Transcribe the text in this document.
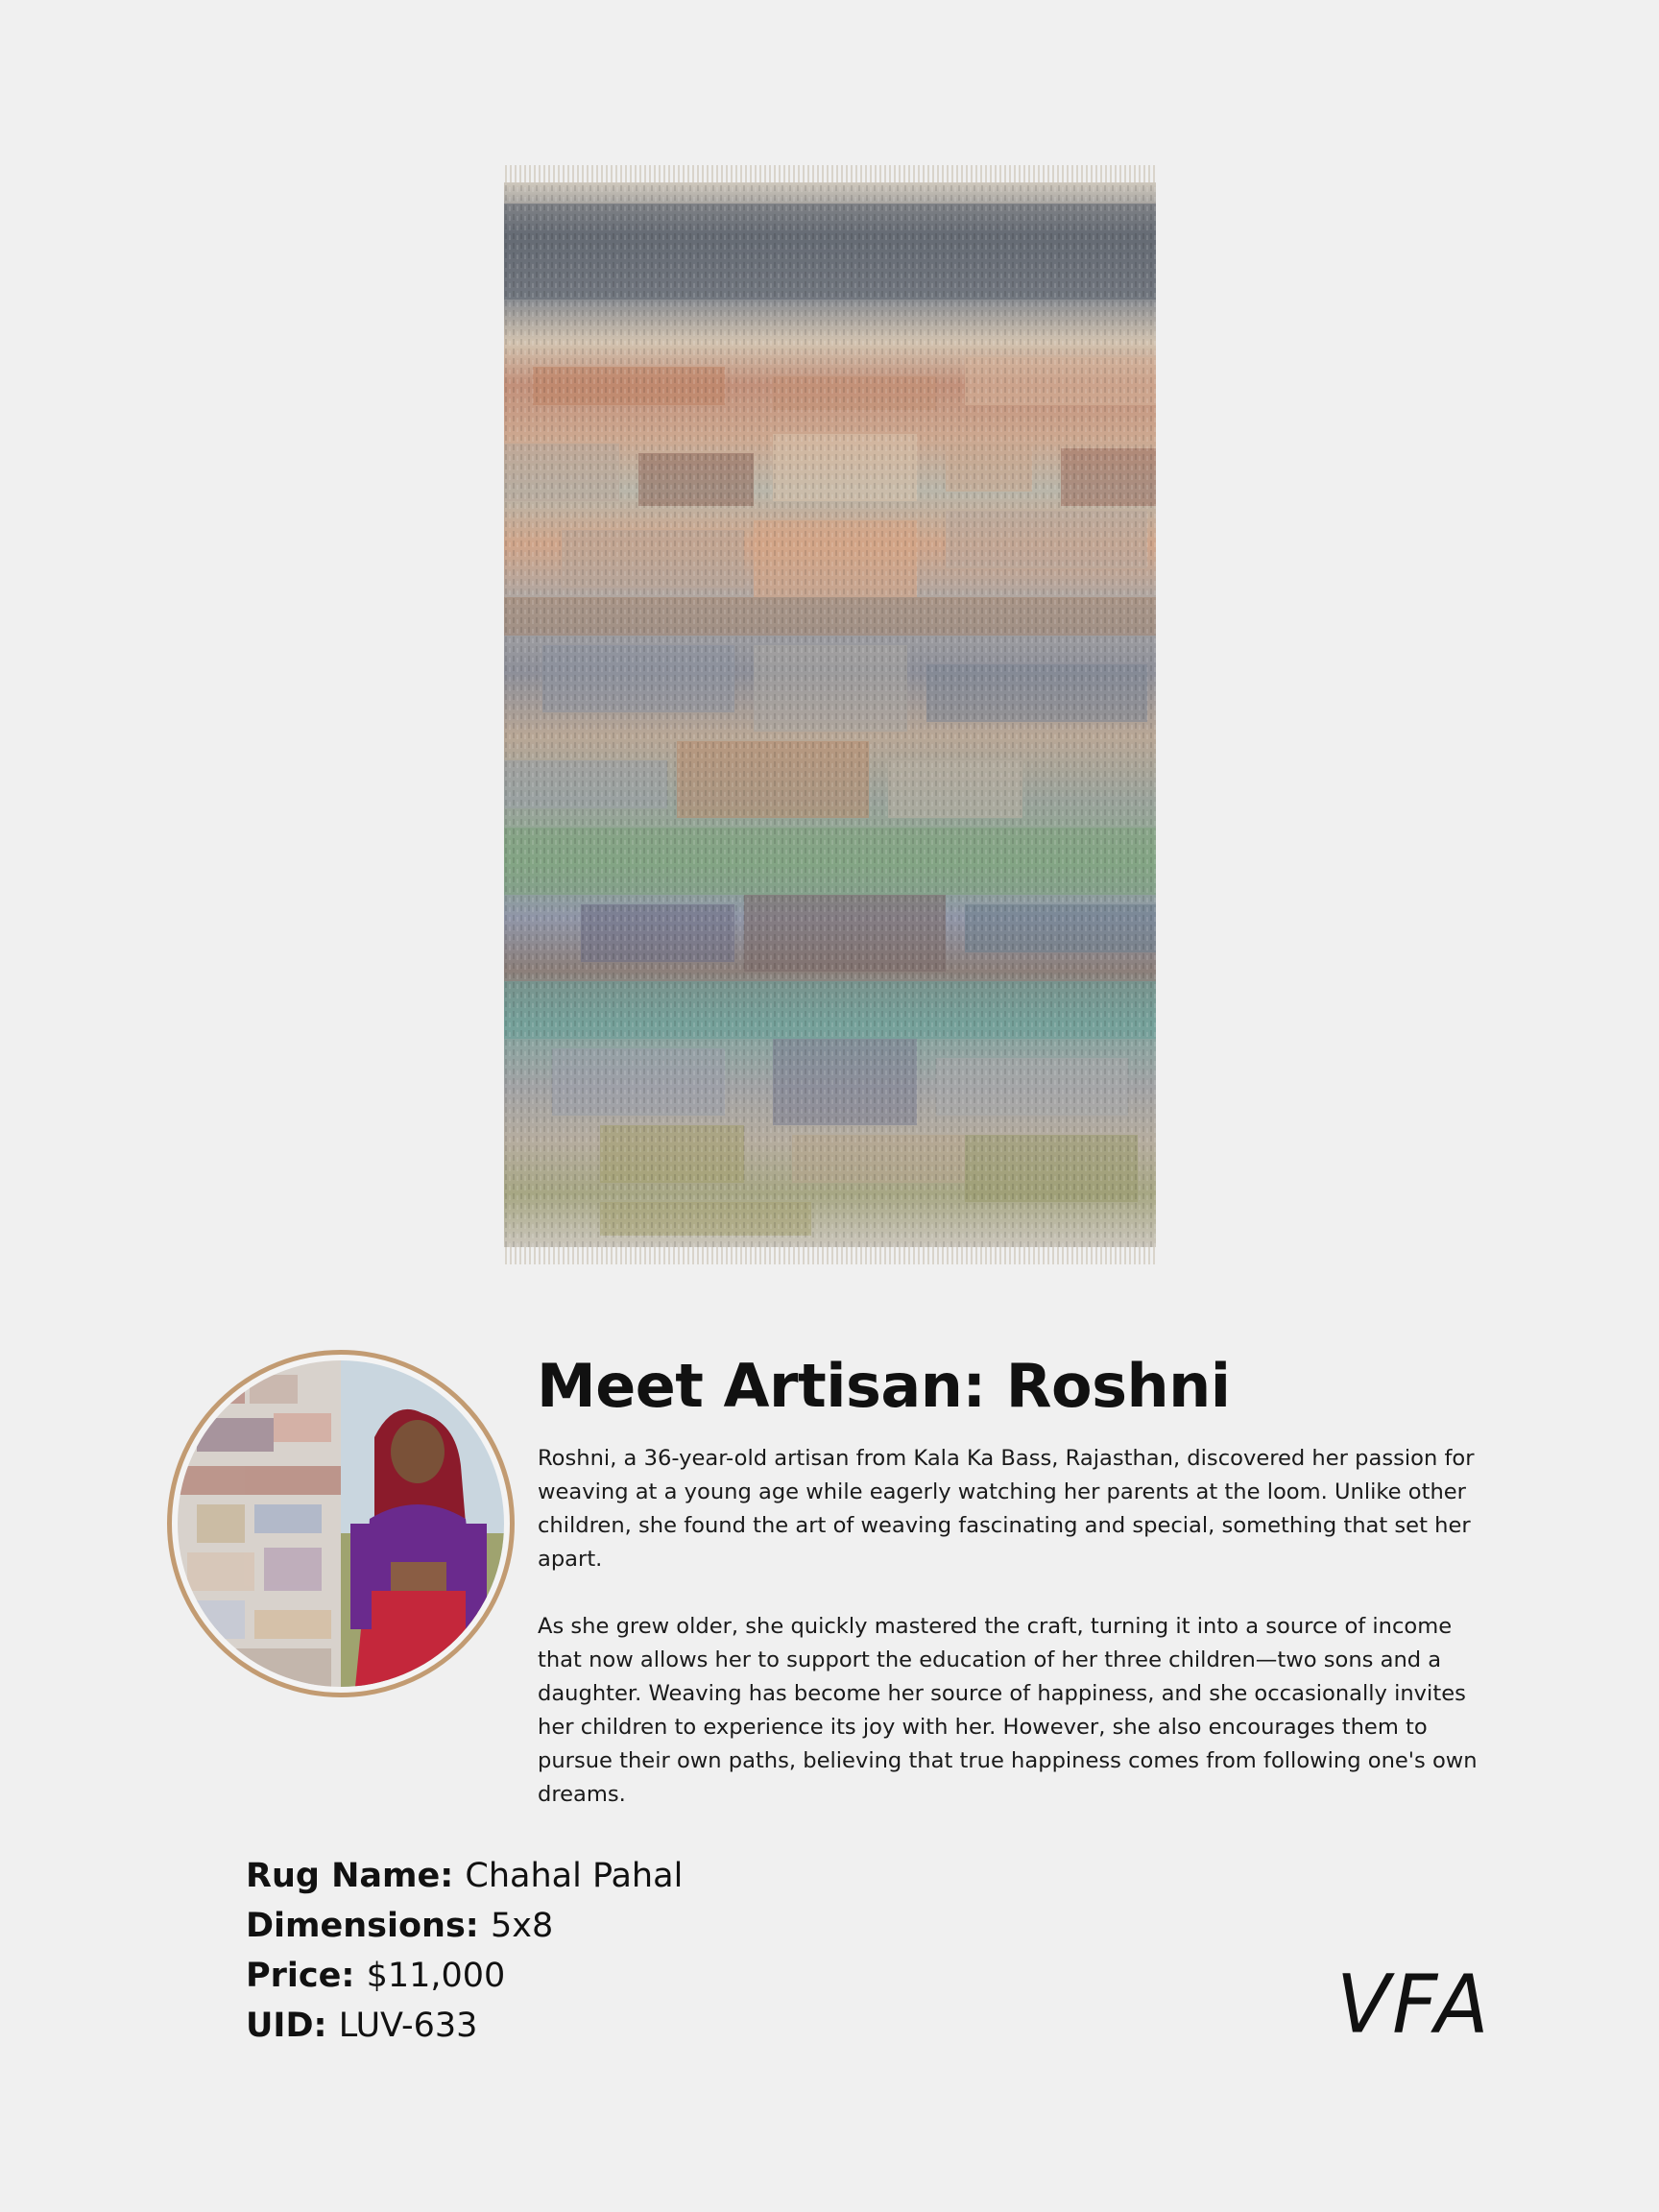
Meet Artisan: Roshni

Roshni, a 36-year-old artisan from Kala Ka Bass, Rajasthan, discovered her passion for weaving at a young age while eagerly watching her parents at the loom. Unlike other children, she found the art of weaving fascinating and special, something that set her apart.

As she grew older, she quickly mastered the craft, turning it into a source of income that now allows her to support the education of her three children—two sons and a daughter. Weaving has become her source of happiness, and she occasionally invites her children to experience its joy with her. However, she also encourages them to pursue their own paths, believing that true happiness comes from following one's own dreams.

Rug Name: Chahal Pahal
Dimensions: 5x8
Price: $11,000
UID: LUV-633	VFA
